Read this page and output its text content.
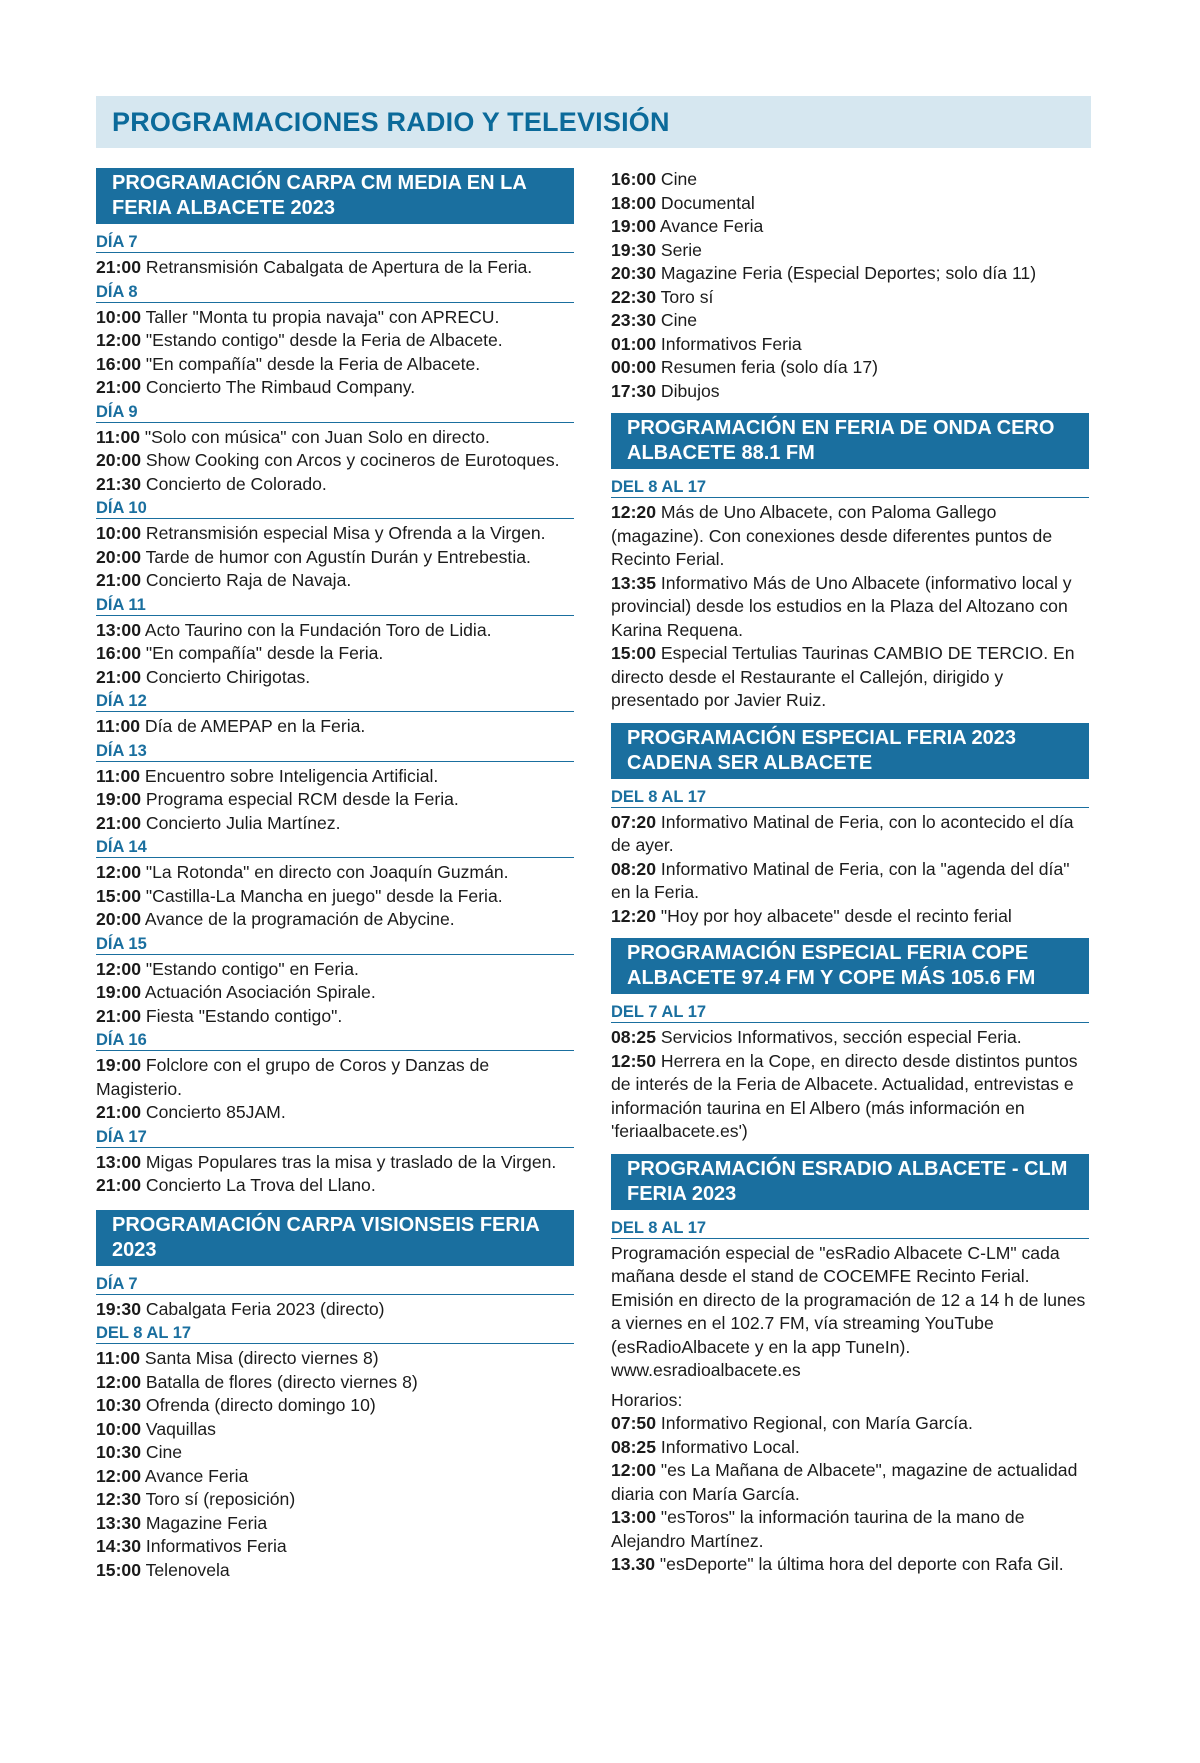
PROGRAMACIONES RADIO Y TELEVISIÓN
PROGRAMACIÓN CARPA CM MEDIA EN LA FERIA ALBACETE 2023
DÍA 7
21:00 Retransmisión Cabalgata de Apertura de la Feria.
DÍA 8
10:00 Taller "Monta tu propia navaja" con APRECU.
12:00 "Estando contigo" desde la Feria de Albacete.
16:00 "En compañía" desde la Feria de Albacete.
21:00 Concierto The Rimbaud Company.
DÍA 9
11:00 "Solo con música" con Juan Solo en directo.
20:00 Show Cooking con Arcos y cocineros de Eurotoques.
21:30 Concierto de Colorado.
DÍA 10
10:00 Retransmisión especial Misa y Ofrenda a la Virgen.
20:00 Tarde de humor con Agustín Durán y Entrebestia.
21:00 Concierto Raja de Navaja.
DÍA 11
13:00 Acto Taurino con la Fundación Toro de Lidia.
16:00 "En compañía" desde la Feria.
21:00 Concierto Chirigotas.
DÍA 12
11:00 Día de AMEPAP en la Feria.
DÍA 13
11:00 Encuentro sobre Inteligencia Artificial.
19:00 Programa especial RCM desde la Feria.
21:00 Concierto Julia Martínez.
DÍA 14
12:00 "La Rotonda" en directo con Joaquín Guzmán.
15:00 "Castilla-La Mancha en juego" desde la Feria.
20:00 Avance de la programación de Abycine.
DÍA 15
12:00 "Estando contigo" en Feria.
19:00 Actuación Asociación Spirale.
21:00 Fiesta "Estando contigo".
DÍA 16
19:00 Folclore con el grupo de Coros y Danzas de Magisterio.
21:00 Concierto 85JAM.
DÍA 17
13:00 Migas Populares tras la misa y traslado de la Virgen.
21:00 Concierto La Trova del Llano.
PROGRAMACIÓN CARPA VISIONSEIS FERIA 2023
DÍA 7
19:30 Cabalgata Feria 2023 (directo)
DEL 8 AL 17
11:00 Santa Misa (directo viernes 8)
12:00 Batalla de flores (directo viernes 8)
10:30 Ofrenda (directo domingo 10)
10:00 Vaquillas
10:30 Cine
12:00 Avance Feria
12:30 Toro sí (reposición)
13:30 Magazine Feria
14:30 Informativos Feria
15:00 Telenovela
16:00 Cine
18:00 Documental
19:00 Avance Feria
19:30 Serie
20:30 Magazine Feria (Especial Deportes; solo día 11)
22:30 Toro sí
23:30 Cine
01:00 Informativos Feria
00:00 Resumen feria (solo día 17)
17:30 Dibujos
PROGRAMACIÓN EN FERIA DE ONDA CERO ALBACETE 88.1 FM
DEL 8 AL 17
12:20 Más de Uno Albacete, con Paloma Gallego (magazine). Con conexiones desde diferentes puntos de Recinto Ferial.
13:35 Informativo Más de Uno Albacete (informativo local y provincial) desde los estudios en la Plaza del Altozano con Karina Requena.
15:00 Especial Tertulias Taurinas CAMBIO DE TERCIO. En directo desde el Restaurante el Callejón, dirigido y presentado por Javier Ruiz.
PROGRAMACIÓN ESPECIAL FERIA 2023 CADENA SER ALBACETE
DEL 8 AL 17
07:20 Informativo Matinal de Feria, con lo acontecido el día de ayer.
08:20 Informativo Matinal de Feria, con la "agenda del día" en la Feria.
12:20 "Hoy por hoy albacete" desde el recinto ferial
PROGRAMACIÓN ESPECIAL FERIA COPE ALBACETE 97.4 FM Y COPE MÁS 105.6 FM
DEL 7 AL 17
08:25 Servicios Informativos, sección especial Feria.
12:50 Herrera en la Cope, en directo desde distintos puntos de interés de la Feria de Albacete. Actualidad, entrevistas e información taurina en El Albero (más información en 'feriaalbacete.es')
PROGRAMACIÓN ESRADIO ALBACETE - CLM FERIA 2023
DEL 8 AL 17
Programación especial de "esRadio Albacete C-LM" cada mañana desde el stand de COCEMFE Recinto Ferial. Emisión en directo de la programación de 12 a 14 h de lunes a viernes en el 102.7 FM, vía streaming YouTube (esRadioAlbacete y en la app TuneIn). www.esradioalbacete.es
Horarios:
07:50 Informativo Regional, con María García.
08:25 Informativo Local.
12:00 "es La Mañana de Albacete", magazine de actualidad diaria con María García.
13:00 "esToros" la información taurina de la mano de Alejandro Martínez.
13.30 "esDeporte" la última hora del deporte con Rafa Gil.
